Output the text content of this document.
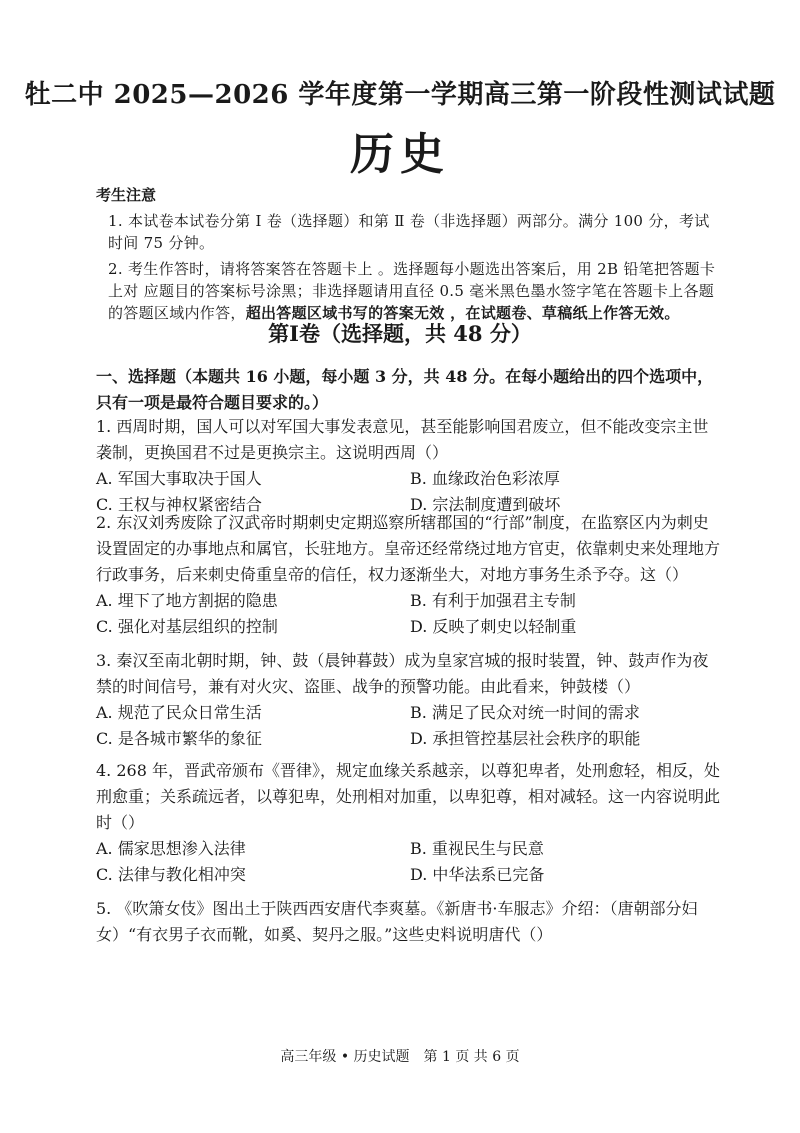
牡二中 2025—2026 学年度第一学期高三第一阶段性测试试题
历史
考生注意

1. 本试卷本试卷分第 Ⅰ 卷（选择题）和第 Ⅱ 卷（非选择题）两部分。满分 100 分，考试时间 75 分钟。

2. 考生作答时，请将答案答在答题卡上 。选择题每小题选出答案后，用 2B 铅笔把答题卡上对 应题目的答案标号涂黑；非选择题请用直径 0.5 毫米黑色墨水签字笔在答题卡上各题的答题区域内作答，超出答题区域书写的答案无效 ，在试题卷、草稿纸上作答无效。

第Ⅰ卷（选择题，共 48 分）
一、选择题（本题共 16 小题，每小题 3 分，共 48 分。在每小题给出的四个选项中，只有一项是最符合题目要求的。）

1. 西周时期，国人可以对军国大事发表意见，甚至能影响国君废立，但不能改变宗主世袭制，更换国君不过是更换宗主。这说明西周（）

A. 军国大事取决于国人	B. 血缘政治色彩浓厚
C. 王权与神权紧密结合	D. 宗法制度遭到破坏

2. 东汉刘秀废除了汉武帝时期刺史定期巡察所辖郡国的“行部”制度，在监察区内为刺史设置固定的办事地点和属官，长驻地方。皇帝还经常绕过地方官吏，依靠刺史来处理地方行政事务，后来刺史倚重皇帝的信任，权力逐渐坐大，对地方事务生杀予夺。这（）

A. 埋下了地方割据的隐患	B. 有利于加强君主专制
C. 强化对基层组织的控制	D. 反映了刺史以轻制重

3. 秦汉至南北朝时期，钟、鼓（晨钟暮鼓）成为皇家宫城的报时装置，钟、鼓声作为夜禁的时间信号，兼有对火灾、盗匪、战争的预警功能。由此看来，钟鼓楼（）

A. 规范了民众日常生活	B. 满足了民众对统一时间的需求
C. 是各城市繁华的象征	D. 承担管控基层社会秩序的职能

4. 268 年，晋武帝颁布《晋律》，规定血缘关系越亲，以尊犯卑者，处刑愈轻，相反，处刑愈重；关系疏远者，以尊犯卑，处刑相对加重，以卑犯尊，相对减轻。这一内容说明此时（）

A. 儒家思想渗入法律	B. 重视民生与民意
C. 法律与教化相冲突	D. 中华法系已完备

5. 《吹箫女伎》图出土于陕西西安唐代李爽墓。《新唐书·车服志》介绍：（唐朝部分妇女）“有衣男子衣而靴，如奚、契丹之服。”这些史料说明唐代（）

高三年级 • 历史试题　第 1 页 共 6 页
